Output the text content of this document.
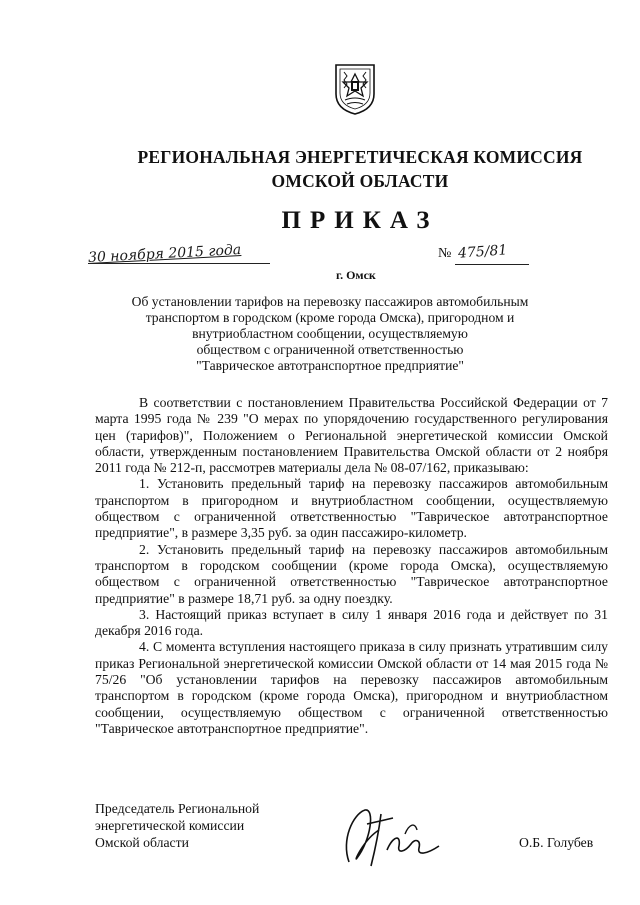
РЕГИОНАЛЬНАЯ ЭНЕРГЕТИЧЕСКАЯ КОМИССИЯ
ОМСКОЙ ОБЛАСТИ
ПРИКАЗ
30 ноября 2015 года	№ 475/81
г. Омск
Об установлении тарифов на перевозку пассажиров автомобильным
транспортом в городском (кроме города Омска), пригородном и
внутриобластном сообщении, осуществляемую
обществом с ограниченной ответственностью
"Таврическое автотранспортное предприятие"

В соответствии с постановлением Правительства Российской Федерации от 7 марта 1995 года № 239 "О мерах по упорядочению государственного регулирования цен (тарифов)", Положением о Региональной энергетической комиссии Омской области, утвержденным постановлением Правительства Омской области от 2 ноября 2011 года № 212-п, рассмотрев материалы дела № 08-07/162, приказываю:

1. Установить предельный тариф на перевозку пассажиров автомобильным транспортом в пригородном и внутриобластном сообщении, осуществляемую обществом с ограниченной ответственностью "Таврическое автотранспортное предприятие", в размере 3,35 руб. за один пассажиро-километр.

2. Установить предельный тариф на перевозку пассажиров автомобильным транспортом в городском сообщении (кроме города Омска), осуществляемую обществом с ограниченной ответственностью "Таврическое автотранспортное предприятие" в размере 18,71 руб. за одну поездку.

3. Настоящий приказ вступает в силу 1 января 2016 года и действует по 31 декабря 2016 года.

4. С момента вступления настоящего приказа в силу признать утратившим силу приказ Региональной энергетической комиссии Омской области от 14 мая 2015 года № 75/26 "Об установлении тарифов на перевозку пассажиров автомобильным транспортом в городском (кроме города Омска), пригородном и внутриобластном сообщении, осуществляемую обществом с ограниченной ответственностью "Таврическое автотранспортное предприятие".

Председатель Региональной
энергетической комиссии
Омской области	О.Б. Голубев
